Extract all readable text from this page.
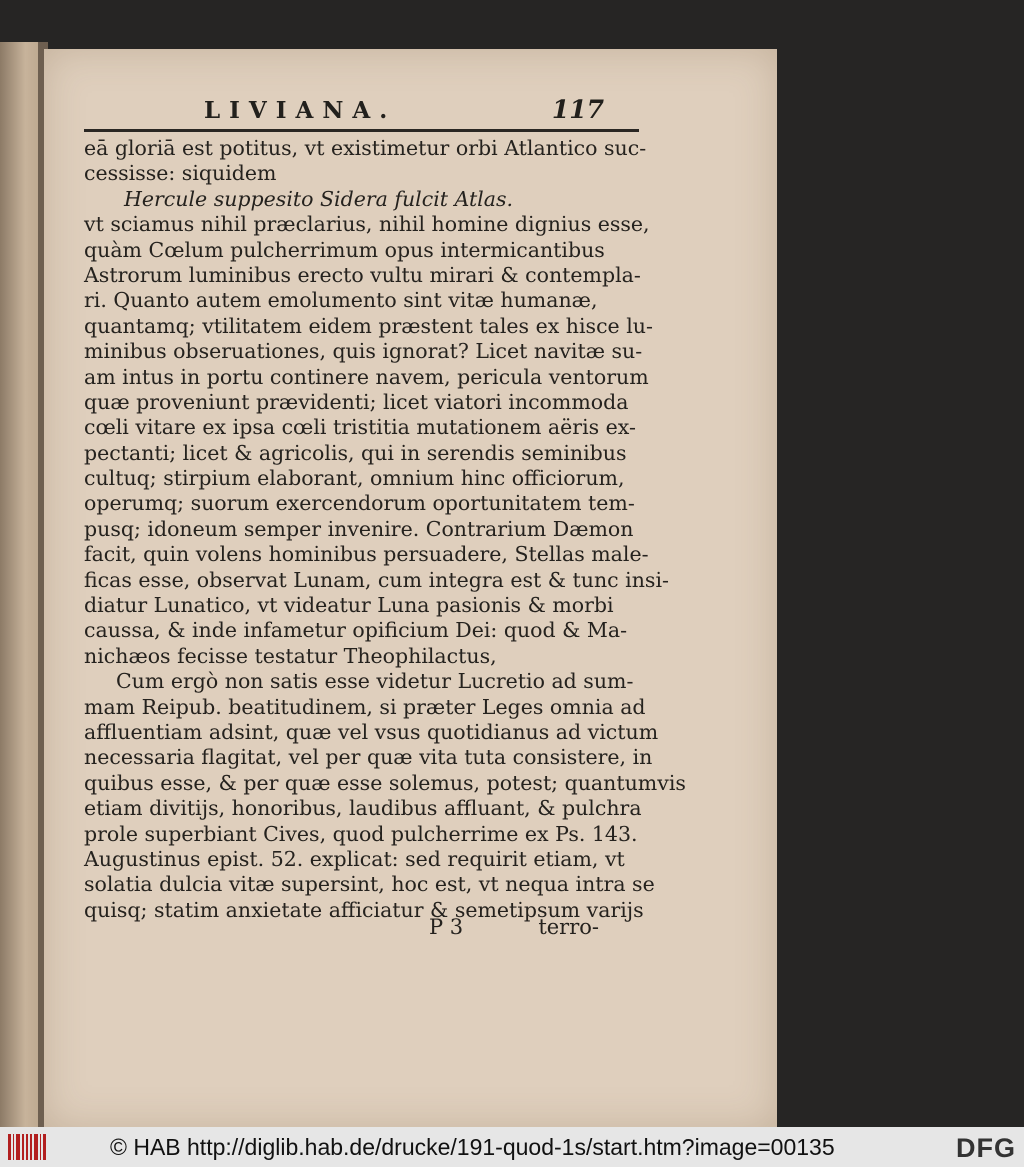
LIVIANA.	117
eā gloriā est potitus, vt existimetur orbi Atlantico suc-
cessisse: siquidem
Hercule suppesito Sidera fulcit Atlas.
vt sciamus nihil præclarius, nihil homine dignius esse,
quàm Cœlum pulcherrimum opus intermicantibus
Astrorum luminibus erecto vultu mirari & contempla-
ri. Quanto autem emolumento sint vitæ humanæ,
quantamq; vtilitatem eidem præstent tales ex hisce lu-
minibus obseruationes, quis ignorat? Licet navitæ su-
am intus in portu continere navem, pericula ventorum
quæ proveniunt prævidenti; licet viatori incommoda
cœli vitare ex ipsa cœli tristitia mutationem aëris ex-
pectanti; licet & agricolis, qui in serendis seminibus
cultuq; stirpium elaborant, omnium hinc officiorum,
operumq; suorum exercendorum oportunitatem tem-
pusq; idoneum semper invenire. Contrarium Dæmon
facit, quin volens hominibus persuadere, Stellas male-
ficas esse, observat Lunam, cum integra est & tunc insi-
diatur Lunatico, vt videatur Luna pasionis & morbi
caussa, & inde infametur opificium Dei: quod & Ma-
nichæos fecisse testatur Theophilactus,
Cum ergò non satis esse videtur Lucretio ad sum-
mam Reipub. beatitudinem, si præter Leges omnia ad
affluentiam adsint, quæ vel vsus quotidianus ad victum
necessaria flagitat, vel per quæ vita tuta consistere, in
quibus esse, & per quæ esse solemus, potest; quantumvis
etiam divitijs, honoribus, laudibus affluant, & pulchra
prole superbiant Cives, quod pulcherrime ex Ps. 143.
Augustinus epist. 52. explicat: sed requirit etiam, vt
solatia dulcia vitæ supersint, hoc est, vt nequa intra se
quisq; statim anxietate afficiatur & semetipsum varijs
P 3	terro-
© HAB http://diglib.hab.de/drucke/191-quod-1s/start.htm?image=00135	DFG
